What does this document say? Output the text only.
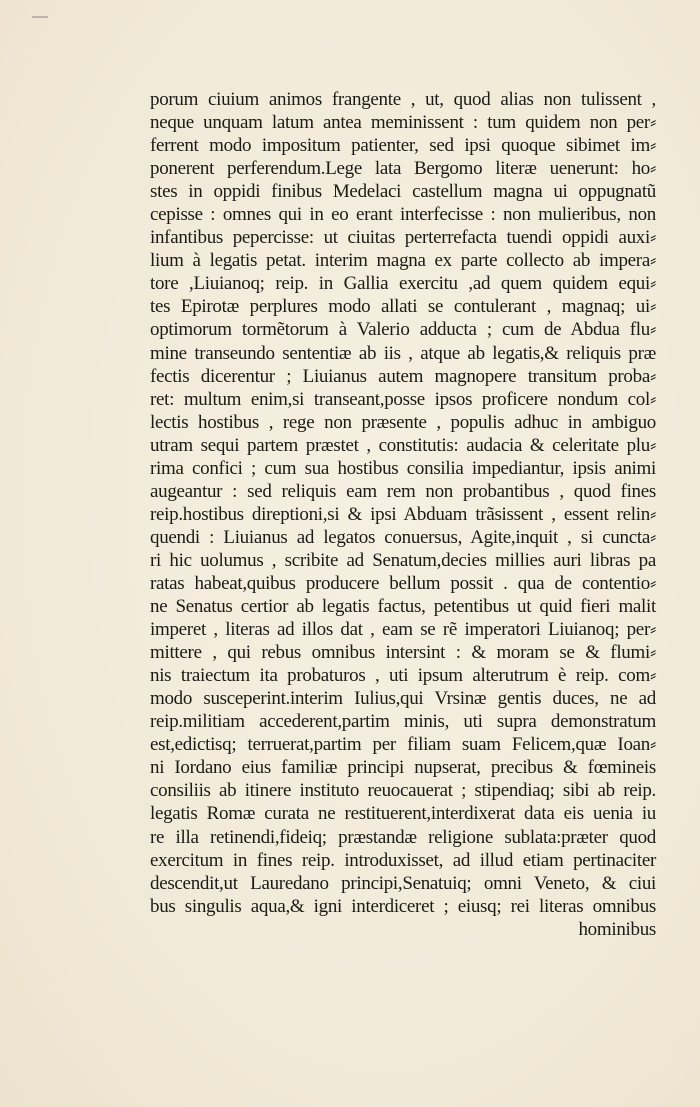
porum ciuium animos frangente , ut, quod alias non tulissent ,
neque unquam latum antea meminissent : tum quidem non per⸗
ferrent modo impositum patienter, sed ipsi quoque sibimet im⸗
ponerent perferendum.Lege lata Bergomo literæ uenerunt: ho⸗
stes in oppidi finibus Medelaci castellum magna ui oppugnatũ
cepisse : omnes qui in eo erant interfecisse : non mulieribus, non
infantibus pepercisse: ut ciuitas perterrefacta tuendi oppidi auxi⸗
lium à legatis petat. interim magna ex parte collecto ab impera⸗
tore ,Liuianoq; reip. in Gallia exercitu ,ad quem quidem equi⸗
tes Epirotæ perplures modo allati se contulerant , magnaq; ui⸗
optimorum tormẽtorum à Valerio adducta ; cum de Abdua flu⸗
mine transeundo sententiæ ab iis , atque ab legatis,& reliquis præ
fectis dicerentur ; Liuianus autem magnopere transitum proba⸗
ret: multum enim,si transeant,posse ipsos proficere nondum col⸗
lectis hostibus , rege non præsente , populis adhuc in ambiguo
utram sequi partem præstet , constitutis: audacia & celeritate plu⸗
rima confici ; cum sua hostibus consilia impediantur, ipsis animi
augeantur : sed reliquis eam rem non probantibus , quod fines
reip.hostibus direptioni,si & ipsi Abduam trãsissent , essent relin⸗
quendi : Liuianus ad legatos conuersus, Agite,inquit , si cuncta⸗
ri hic uolumus , scribite ad Senatum,decies millies auri libras pa
ratas habeat,quibus producere bellum possit . qua de contentio⸗
ne Senatus certior ab legatis factus, petentibus ut quid fieri malit
imperet , literas ad illos dat , eam se rẽ imperatori Liuianoq; per⸗
mittere , qui rebus omnibus intersint : & moram se & flumi⸗
nis traiectum ita probaturos , uti ipsum alterutrum è reip. com⸗
modo susceperint.interim Iulius,qui Vrsinæ gentis duces, ne ad
reip.militiam accederent,partim minis, uti supra demonstratum
est,edictisq; terruerat,partim per filiam suam Felicem,quæ Ioan⸗
ni Iordano eius familiæ principi nupserat, precibus & fœmineis
consiliis ab itinere instituto reuocauerat ; stipendiaq; sibi ab reip.
legatis Romæ curata ne restituerent,interdixerat data eis uenia iu
re illa retinendi,fideiq; præstandæ religione sublata:præter quod
exercitum in fines reip. introduxisset, ad illud etiam pertinaciter
descendit,ut Lauredano principi,Senatuiq; omni Veneto, & ciui
bus singulis aqua,& igni interdiceret ; eiusq; rei literas omnibus
hominibus
